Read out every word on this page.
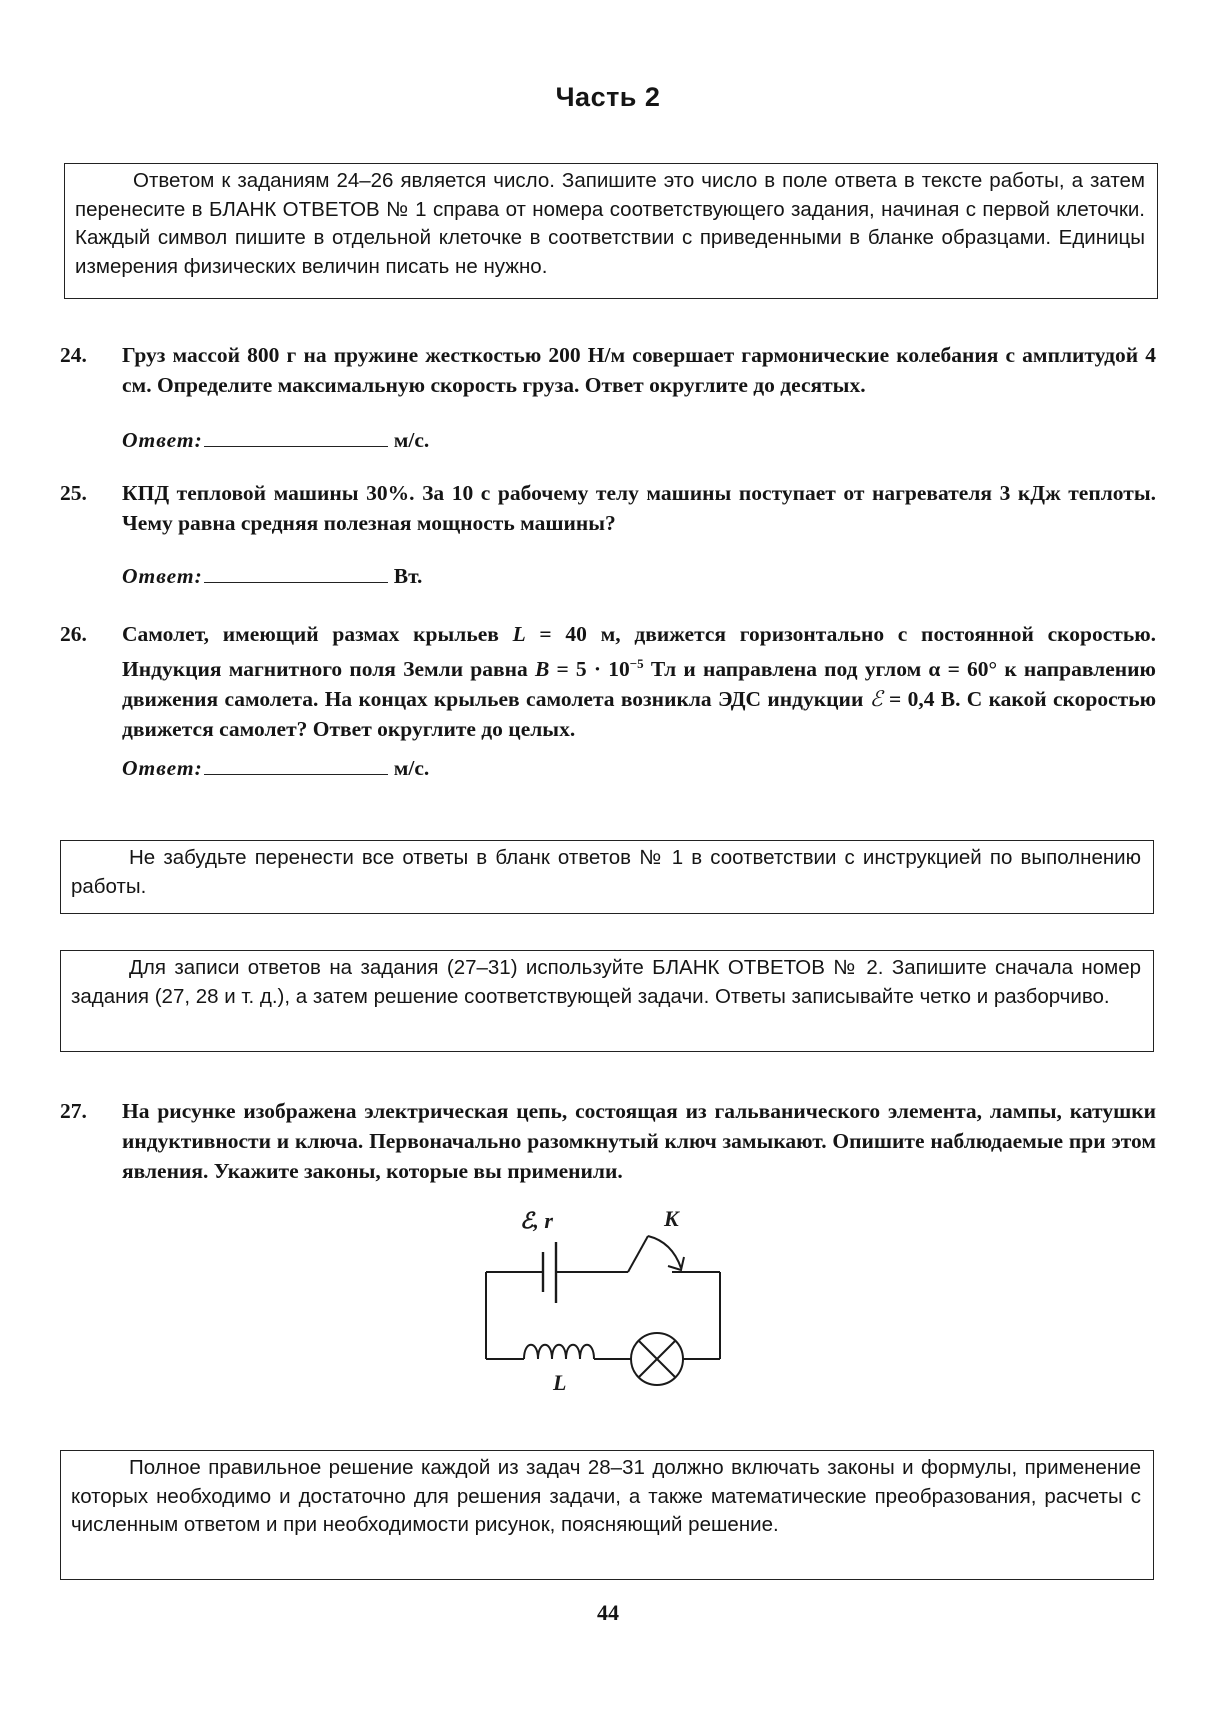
Часть 2

Ответом к заданиям 24–26 является число. Запишите это число в поле ответа в тексте работы, а затем перенесите в БЛАНК ОТВЕТОВ № 1 справа от номера соответствующего задания, начиная с первой клеточки. Каждый символ пишите в отдельной клеточке в соответствии с приведенными в бланке образцами. Единицы измерения физических величин писать не нужно.

24. Груз массой 800 г на пружине жесткостью 200 Н/м совершает гармонические колебания с амплитудой 4 см. Определите максимальную скорость груза. Ответ округлите до десятых.
Ответ:	м/с.
25. КПД тепловой машины 30%. За 10 с рабочему телу машины поступает от нагревателя 3 кДж теплоты. Чему равна средняя полезная мощность машины?
Ответ:	Вт.
26. Самолет, имеющий размах крыльев L = 40 м, движется горизонтально с постоянной скоростью. Индукция магнитного поля Земли равна $B = 5 \cdot 10^{-5}$ Тл и направлена под углом α = 60° к направлению движения самолета. На концах крыльев самолета возникла ЭДС индукции ℰ = 0,4 В. С какой скоростью движется самолет? Ответ округлите до целых.
Ответ:	м/с.

Не забудьте перенести все ответы в бланк ответов № 1 в соответствии с инструкцией по выполнению работы.

Для записи ответов на задания (27–31) используйте БЛАНК ОТВЕТОВ № 2. Запишите сначала номер задания (27, 28 и т. д.), а затем решение соответствующей задачи. Ответы записывайте четко и разборчиво.

27. На рисунке изображена электрическая цепь, состоящая из гальванического элемента, лампы, катушки индуктивности и ключа. Первоначально разомкнутый ключ замыкают. Опишите наблюдаемые при этом явления. Укажите законы, которые вы применили.
ℰ, r	K
L

Полное правильное решение каждой из задач 28–31 должно включать законы и формулы, применение которых необходимо и достаточно для решения задачи, а также математические преобразования, расчеты с численным ответом и при необходимости рисунок, поясняющий решение.

44
